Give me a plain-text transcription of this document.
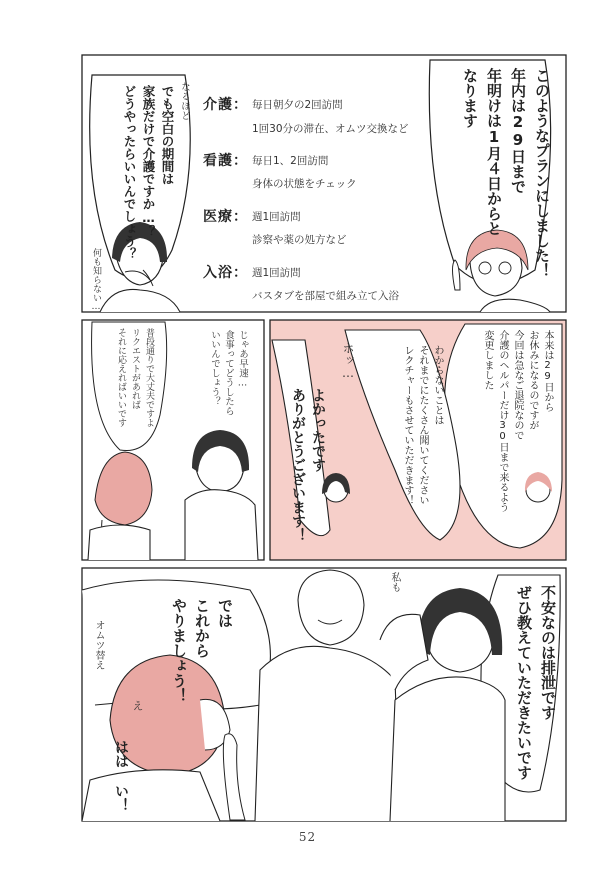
このようなプランにしました！
年内は29日まで
年明けは1月４日からと
なります
介護： 毎日朝夕の2回訪問
1回30分の滞在、オムツ交換など
看護： 毎日1、2回訪問
身体の状態をチェック
医療： 週1回訪問
診察や薬の処方など
入浴： 週1回訪問
バスタブを部屋で組み立て入浴
でも空白の期間は
家族だけで介護ですか…？
どうやったらいいんでしょう？	なるほど
何も知らない…
じゃあ早速…
食事ってどうしたら
いいんでしょう？
普段通りで大丈夫ですよ
リクエストがあれば
それに応えればいいです	本来は29日から
お休みになるのですが
今回は急なご退院なので
介護のヘルパーだけ30日まで来るよう
変更しました
わからないことは
それまでにたくさん聞いてください
レクチャーもさせていただきます！
ホッ…
よかったです
ありがとうございます！
不安なのは排泄です
ぜひ教えていただきたいです
私も
では
これから
やりましょう！
オムツ替え
え
はは い！
52
